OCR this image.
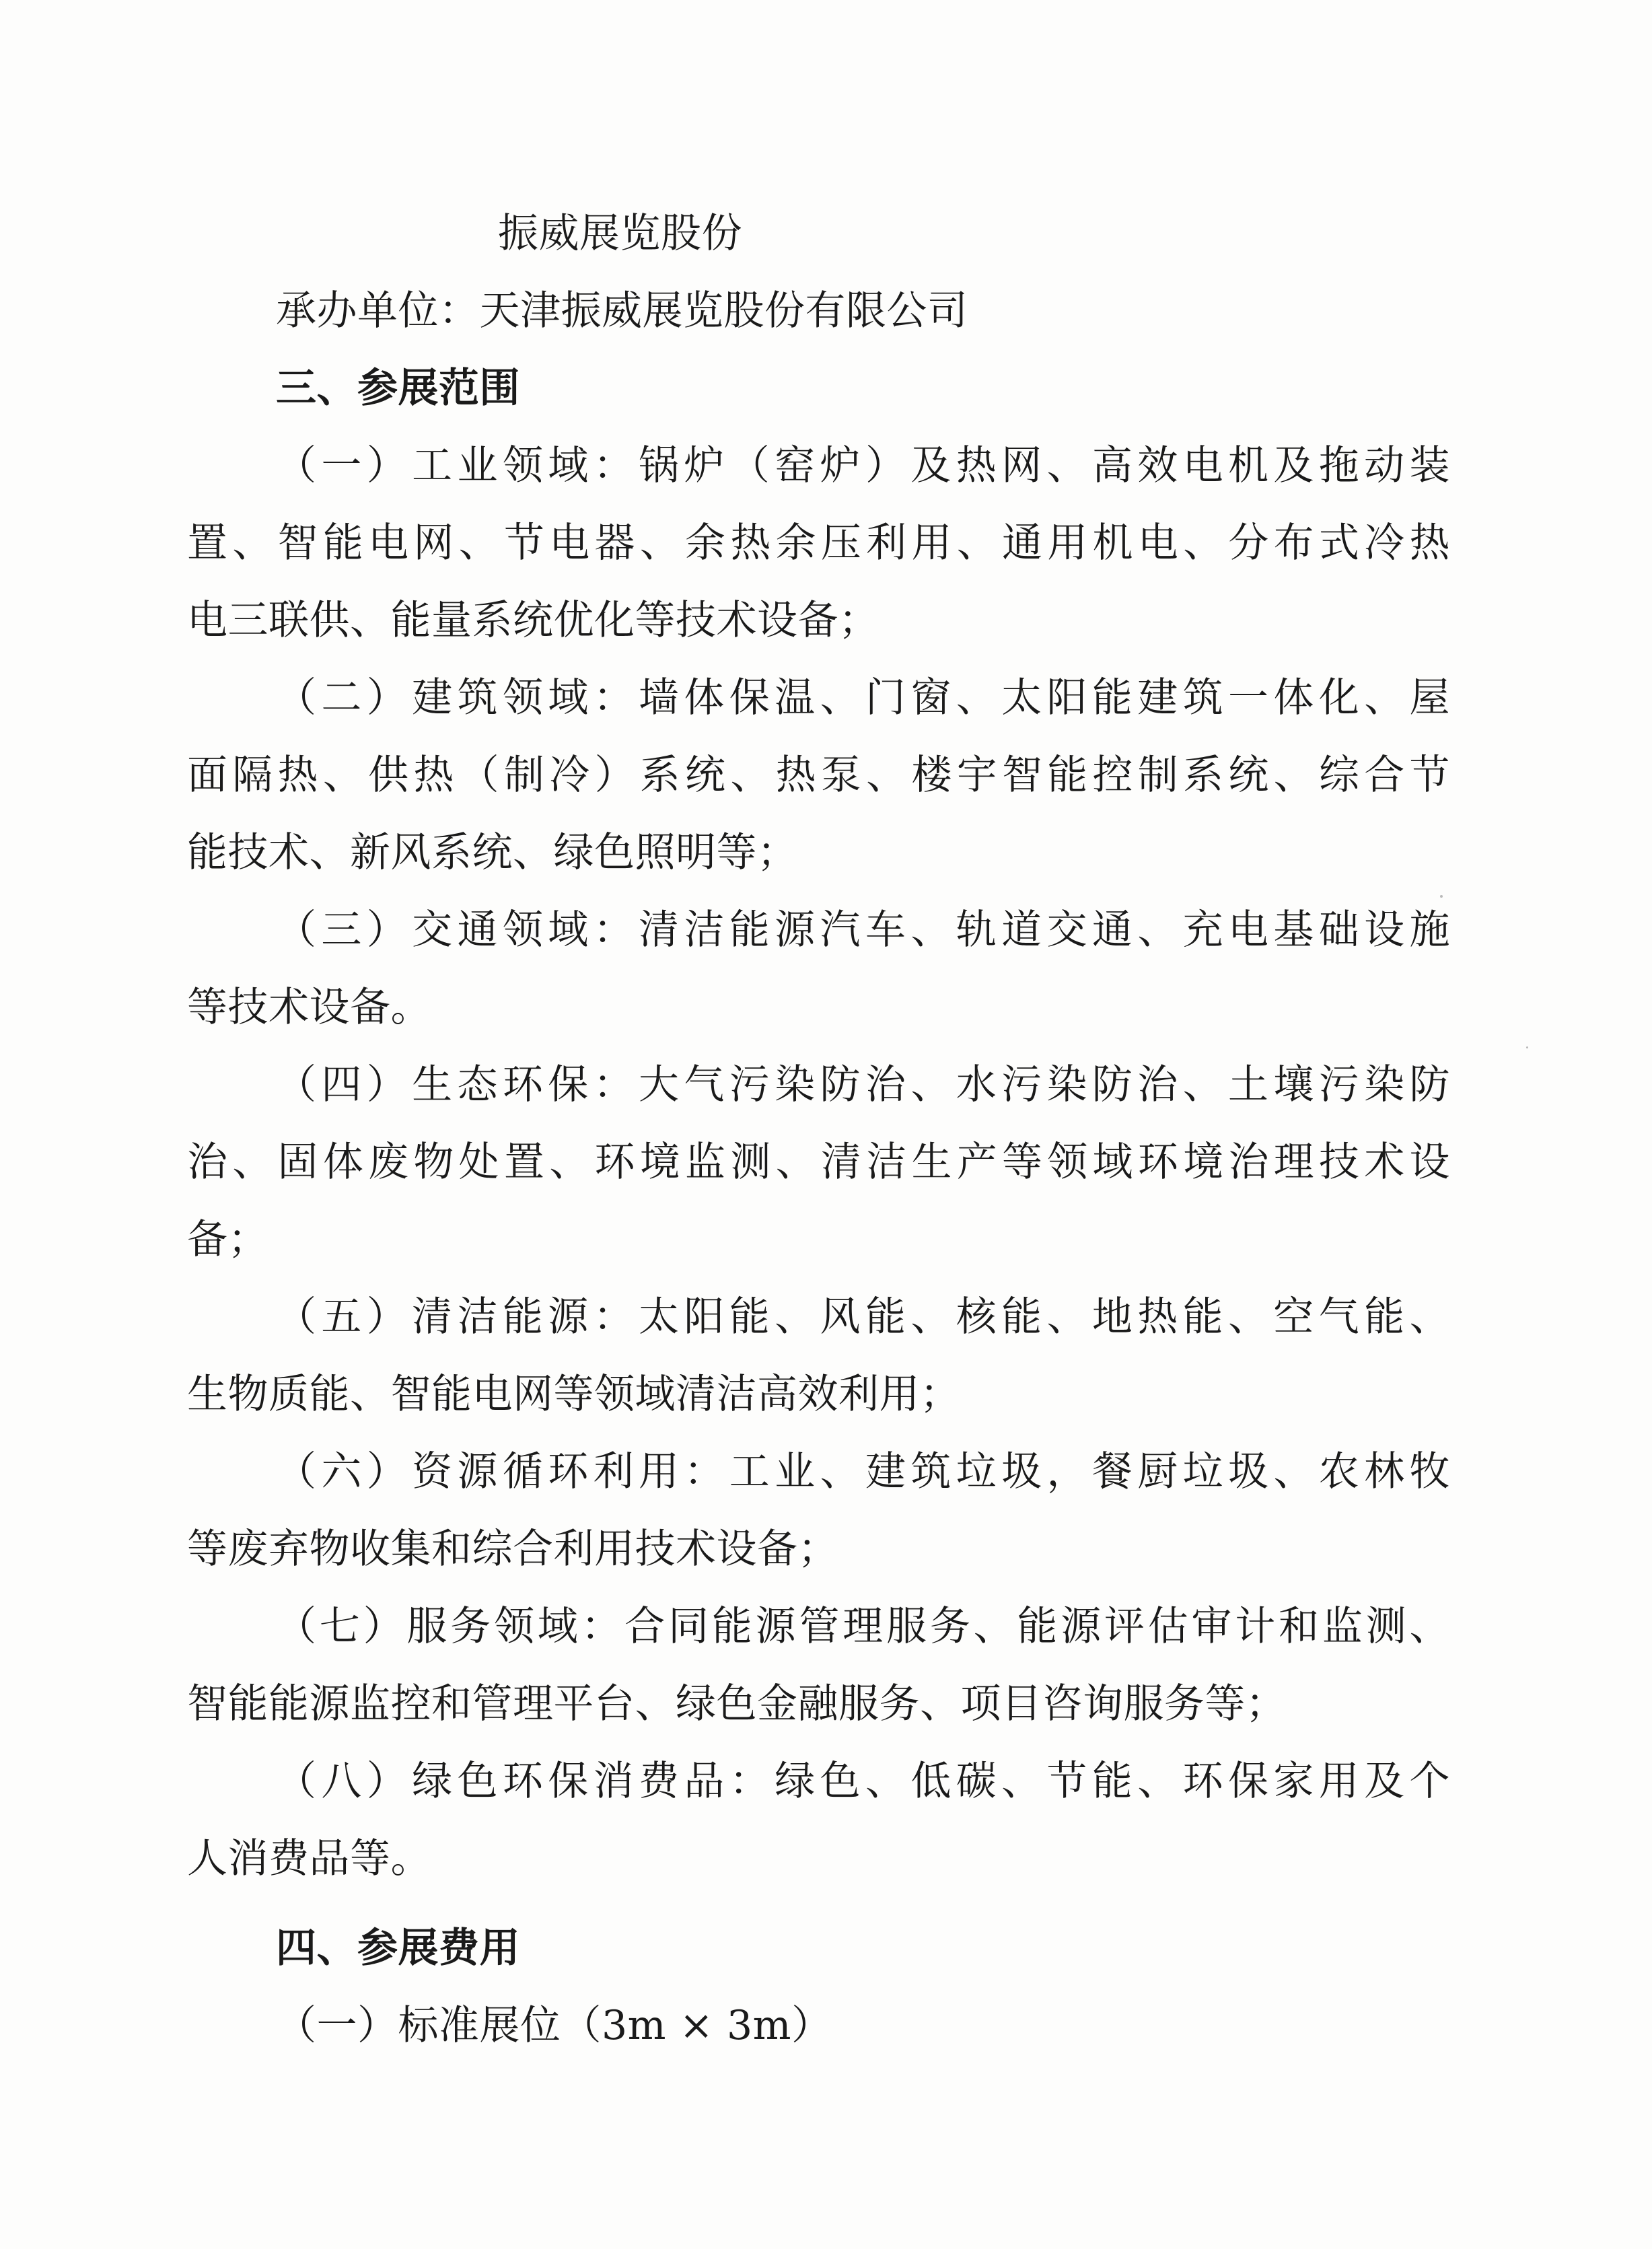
振威展览股份
承办单位：天津振威展览股份有限公司
三、参展范围
（一）工业领域：锅炉（窑炉）及热网、高效电机及拖动装
置、智能电网、节电器、余热余压利用、通用机电、分布式冷热
电三联供、能量系统优化等技术设备；
（二）建筑领域：墙体保温、门窗、太阳能建筑一体化、屋
面隔热、供热（制冷）系统、热泵、楼宇智能控制系统、综合节
能技术、新风系统、绿色照明等；
（三）交通领域：清洁能源汽车、轨道交通、充电基础设施
等技术设备。
（四）生态环保：大气污染防治、水污染防治、土壤污染防
治、固体废物处置、环境监测、清洁生产等领域环境治理技术设
备；
（五）清洁能源：太阳能、风能、核能、地热能、空气能、
生物质能、智能电网等领域清洁高效利用；
（六）资源循环利用：工业、建筑垃圾，餐厨垃圾、农林牧
等废弃物收集和综合利用技术设备；
（七）服务领域：合同能源管理服务、能源评估审计和监测、
智能能源监控和管理平台、绿色金融服务、项目咨询服务等；
（八）绿色环保消费品：绿色、低碳、节能、环保家用及个
人消费品等。
四、参展费用
（一）标准展位（3m × 3m）
